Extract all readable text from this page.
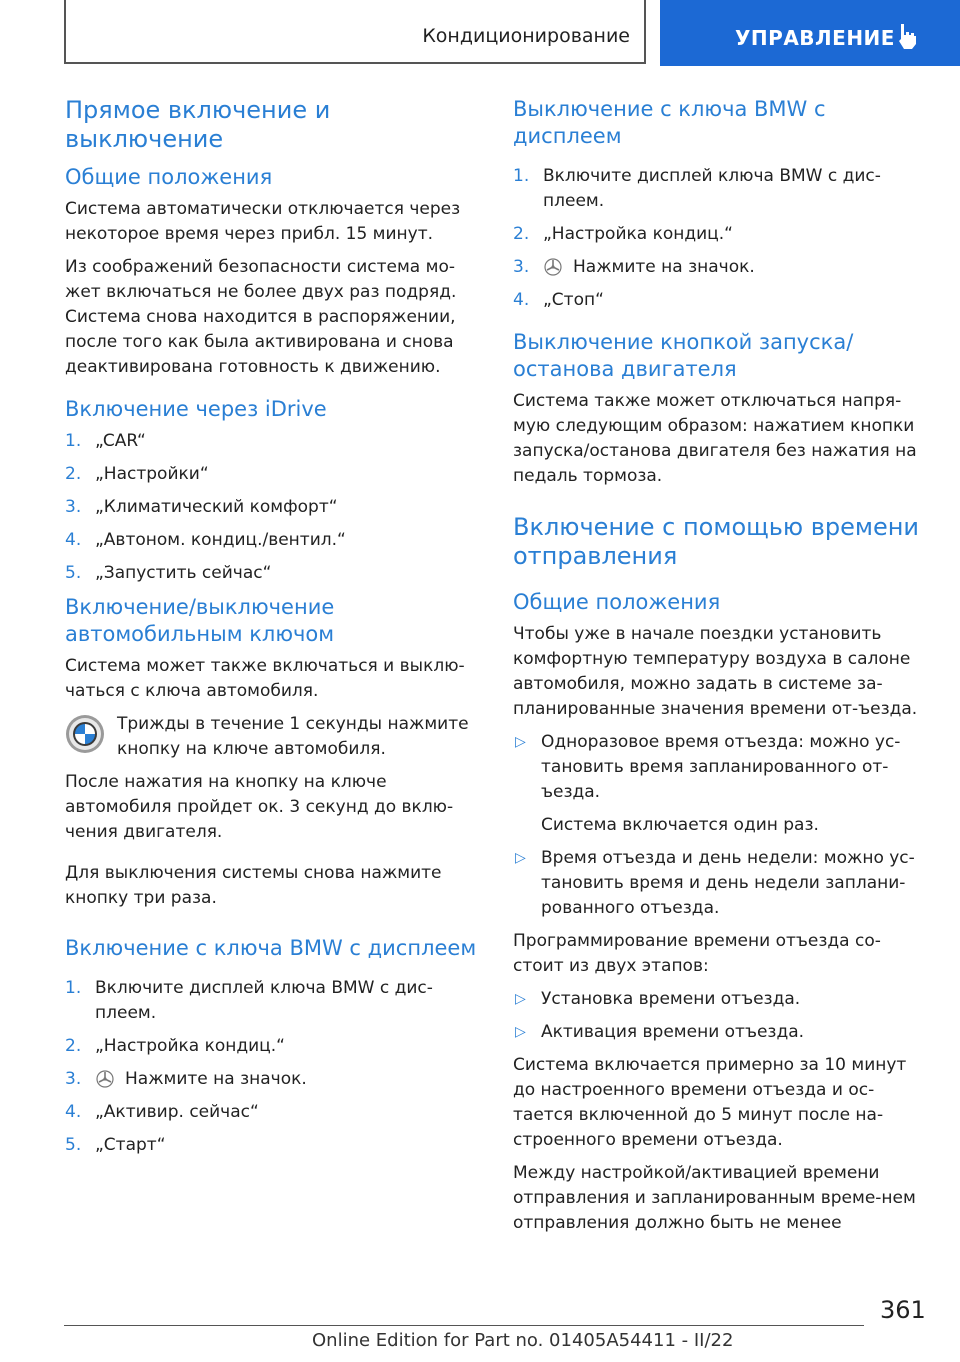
Кондиционирование	УПРАВЛЕНИЕ
Прямое включение и выключение
Общие положения
Система автоматически отключается через некоторое время через прибл. 15 минут.
Из соображений безопасности система мо-жет включаться не более двух раз подряд. Система снова находится в распоряжении, после того как была активирована и снова деактивирована готовность к движению.
Включение через iDrive
1. „CAR“
2. „Настройки“
3. „Климатический комфорт“
4. „Автоном. кондиц./вентил.“
5. „Запустить сейчас“
Включение/выключение автомобильным ключом
Система может также включаться и выклю-чаться с ключа автомобиля.
Трижды в течение 1 секунды нажмите кнопку на ключе автомобиля.
После нажатия на кнопку на ключе автомобиля пройдет ок. 3 секунд до вклю-чения двигателя.
Для выключения системы снова нажмите кнопку три раза.
Включение с ключа BMW с дисплеем
1. Включите дисплей ключа BMW с дис-плеем.
2. „Настройка кондиц.“
3.	Нажмите на значок.
4. „Активир. сейчас“
5. „Старт“
Выключение с ключа BMW с дисплеем
1. Включите дисплей ключа BMW с дис-плеем.
2. „Настройка кондиц.“
3.	Нажмите на значок.
4. „Стоп“
Выключение кнопкой запуска/останова двигателя
Система также может отключаться напря-мую следующим образом: нажатием кнопки запуска/останова двигателя без нажатия на педаль тормоза.
Включение с помощью времени отправления
Общие положения
Чтобы уже в начале поездки установить комфортную температуру воздуха в салоне автомобиля, можно задать в системе за-планированные значения времени от-ъезда.
▷ Одноразовое время отъезда: можно ус-тановить время запланированного от-ъезда.
Система включается один раз.
▷ Время отъезда и день недели: можно ус-тановить время и день недели заплани-рованного отъезда.
Программирование времени отъезда со-стоит из двух этапов:
▷ Установка времени отъезда.
▷ Активация времени отъезда.
Система включается примерно за 10 минут до настроенного времени отъезда и ос-тается включенной до 5 минут после на-строенного времени отъезда.
Между настройкой/активацией времени отправления и запланированным време-нем отправления должно быть не менее
361
Online Edition for Part no. 01405A54411 - II/22
